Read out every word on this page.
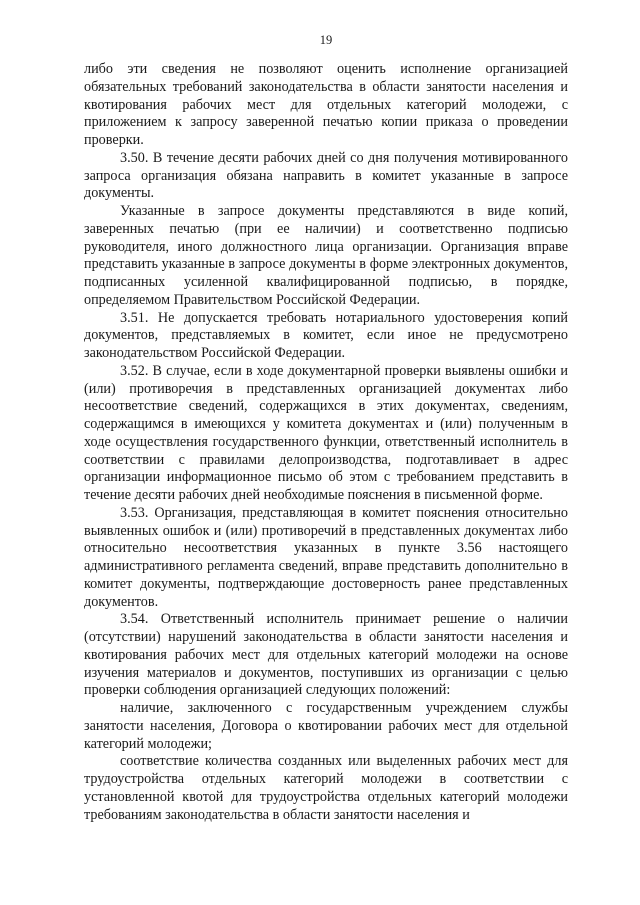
19

либо эти сведения не позволяют оценить исполнение организацией обязательных требований законодательства в области занятости населения и квотирования рабочих мест для отдельных категорий молодежи, с приложением к запросу заверенной печатью копии приказа о проведении проверки.

3.50. В течение десяти рабочих дней со дня получения мотивированного запроса организация обязана направить в комитет указанные в запросе документы.

Указанные в запросе документы представляются в виде копий, заверенных печатью (при ее наличии) и соответственно подписью руководителя, иного должностного лица организации. Организация вправе представить указанные в запросе документы в форме электронных документов, подписанных усиленной квалифицированной подписью, в порядке, определяемом Правительством Российской Федерации.

3.51. Не допускается требовать нотариального удостоверения копий документов, представляемых в комитет, если иное не предусмотрено законодательством Российской Федерации.

3.52. В случае, если в ходе документарной проверки выявлены ошибки и (или) противоречия в представленных организацией документах либо несоответствие сведений, содержащихся в этих документах, сведениям, содержащимся в имеющихся у комитета документах и (или) полученным в ходе осуществления государственного функции, ответственный исполнитель в соответствии с правилами делопроизводства, подготавливает в адрес организации информационное письмо об этом с требованием представить в течение десяти рабочих дней необходимые пояснения в письменной форме.

3.53. Организация, представляющая в комитет пояснения относительно выявленных ошибок и (или) противоречий в представленных документах либо относительно несоответствия указанных в пункте 3.56 настоящего административного регламента сведений, вправе представить дополнительно в комитет документы, подтверждающие достоверность ранее представленных документов.

3.54. Ответственный исполнитель принимает решение о наличии (отсутствии) нарушений законодательства в области занятости населения и квотирования рабочих мест для отдельных категорий молодежи на основе изучения материалов и документов, поступивших из организации с целью проверки соблюдения организацией следующих положений:

наличие, заключенного с государственным учреждением службы занятости населения, Договора о квотировании рабочих мест для отдельной категорий молодежи;

соответствие количества созданных или выделенных рабочих мест для трудоустройства отдельных категорий молодежи в соответствии с установленной квотой для трудоустройства отдельных категорий молодежи требованиям законодательства в области занятости населения и
